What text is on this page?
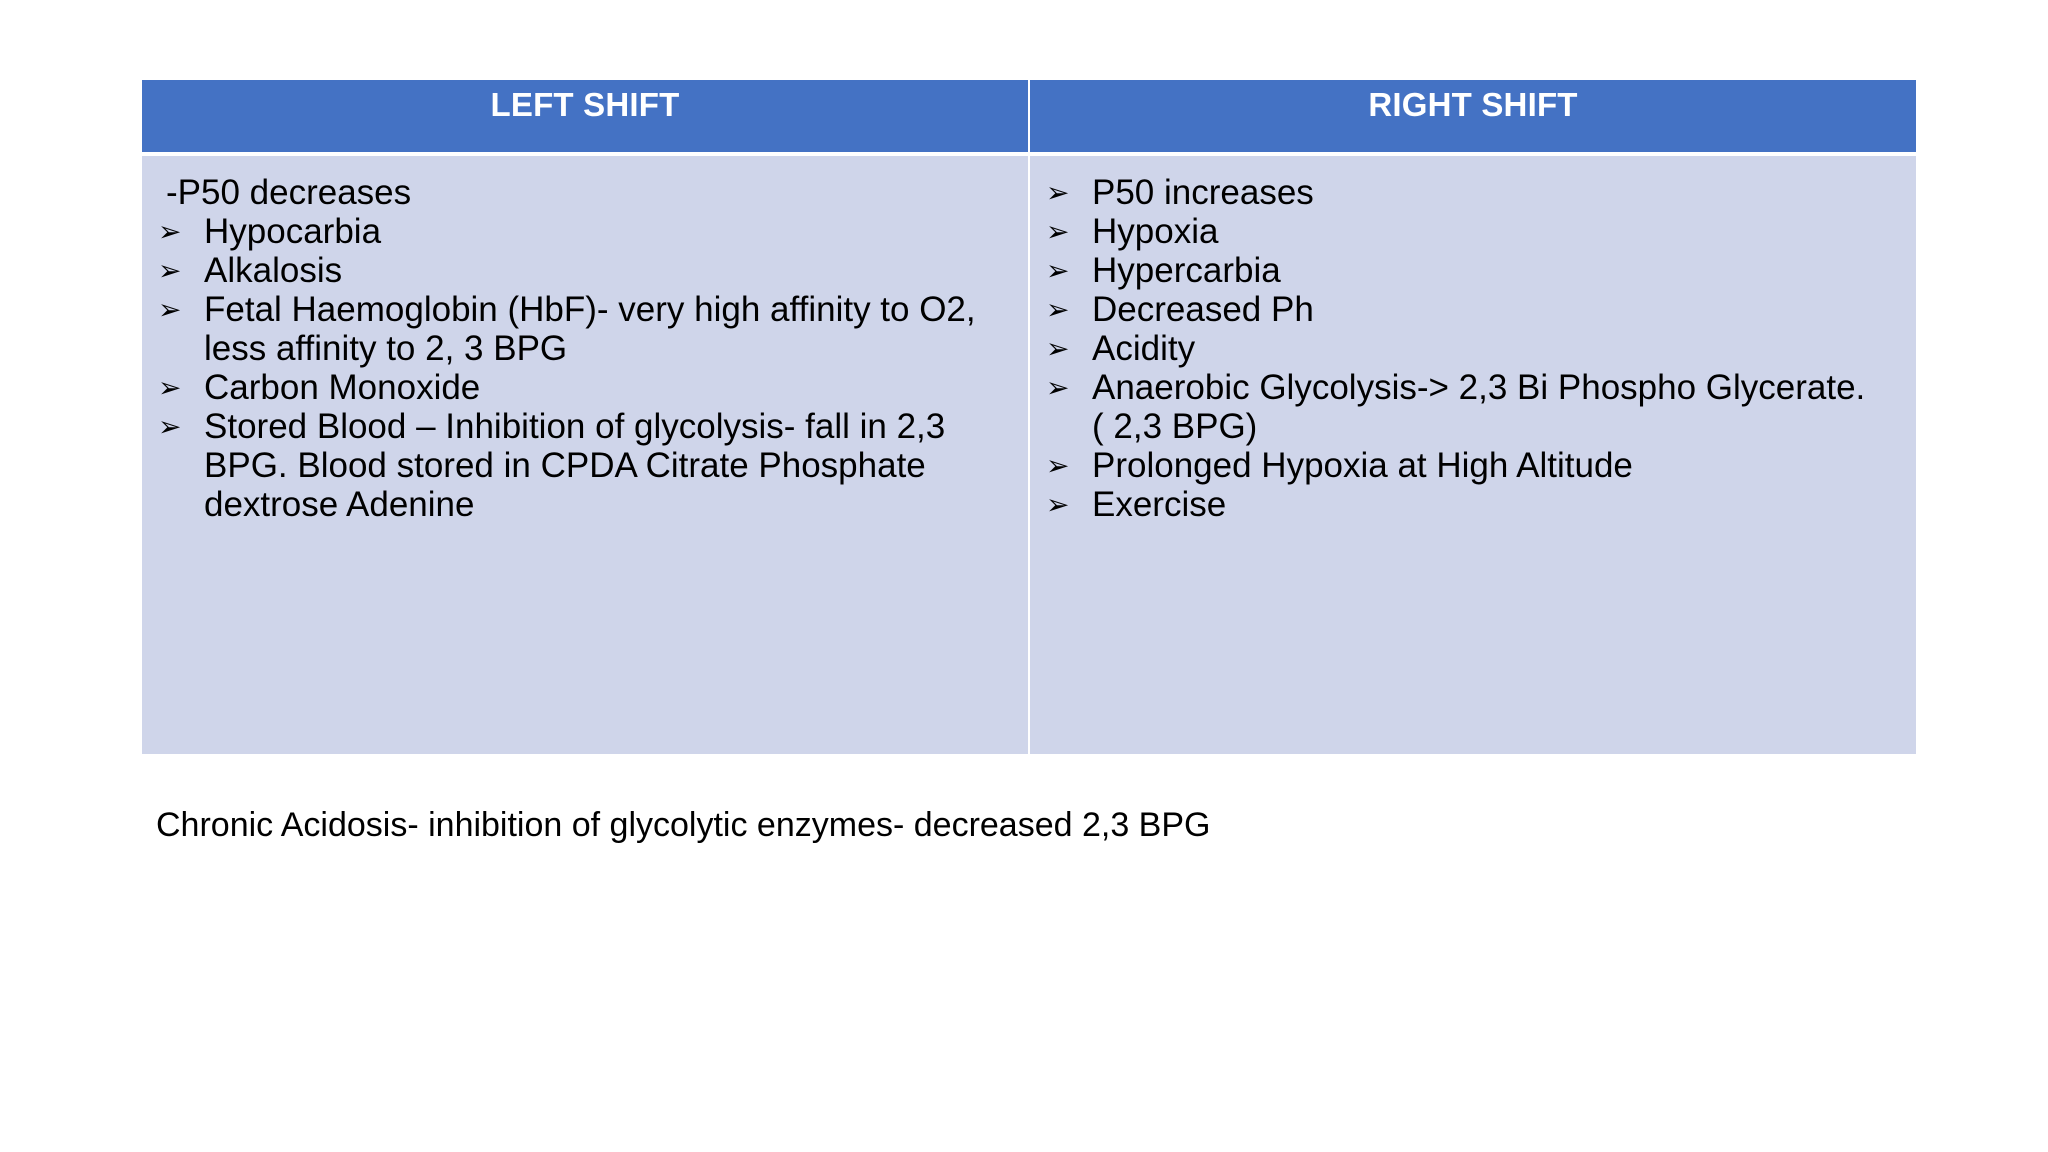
LEFT SHIFT	RIGHT SHIFT
-P50 decreases
➢ Hypocarbia
➢ Alkalosis
➢ Fetal Haemoglobin (HbF)- very high affinity to O2, less affinity to 2, 3 BPG
➢ Carbon Monoxide
➢ Stored Blood – Inhibition of glycolysis- fall in 2,3 BPG. Blood stored in CPDA Citrate Phosphate dextrose Adenine
➢ P50 increases
➢ Hypoxia
➢ Hypercarbia
➢ Decreased Ph
➢ Acidity
➢ Anaerobic Glycolysis-> 2,3 Bi Phospho Glycerate.
( 2,3 BPG)
➢ Prolonged Hypoxia at High Altitude
➢ Exercise
Chronic Acidosis- inhibition of glycolytic enzymes- decreased 2,3 BPG
